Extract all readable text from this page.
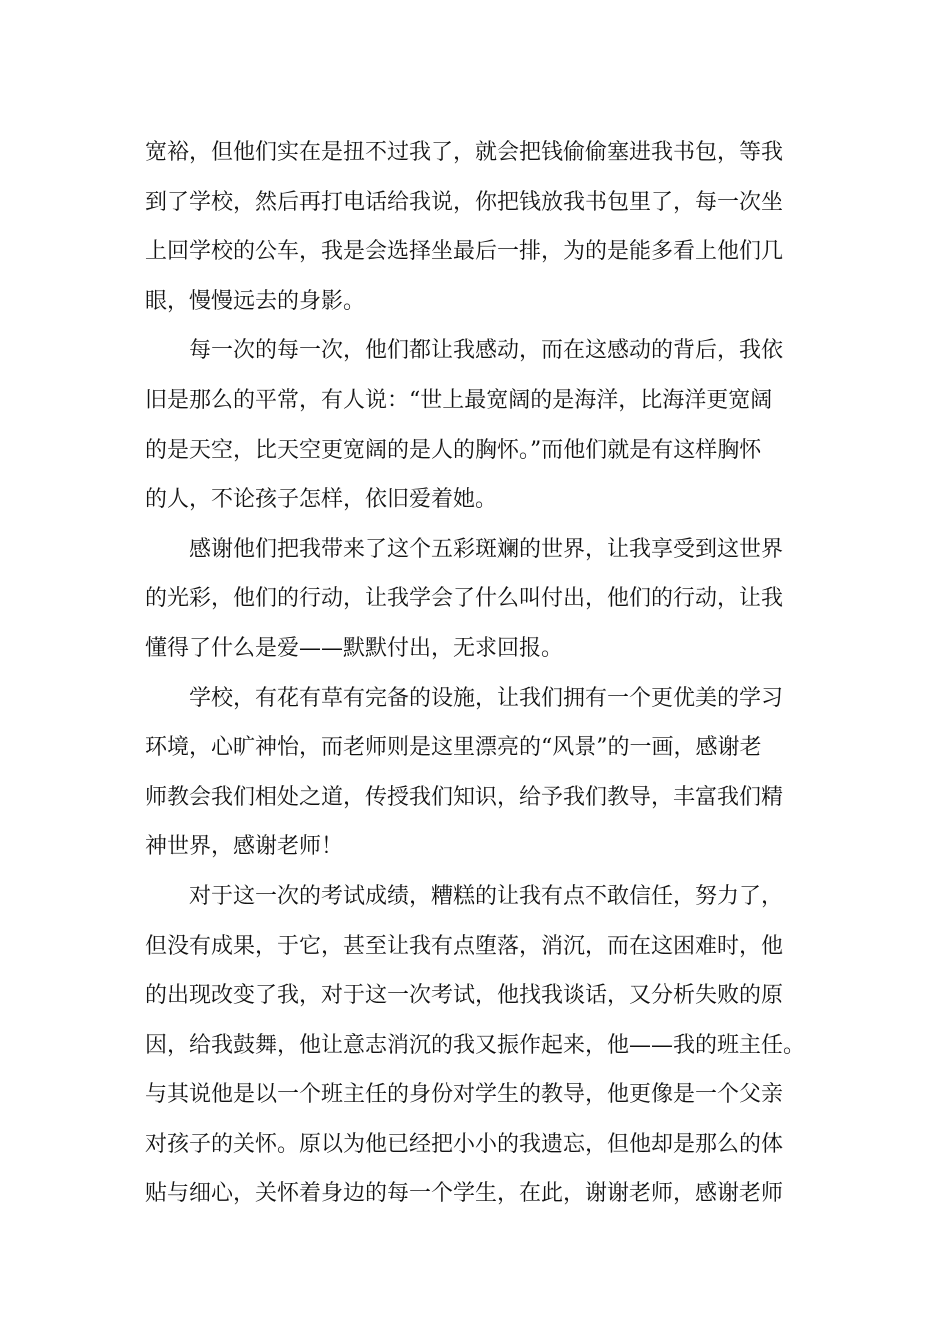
宽裕，但他们实在是扭不过我了，就会把钱偷偷塞进我书包，等我
到了学校，然后再打电话给我说，你把钱放我书包里了，每一次坐
上回学校的公车，我是会选择坐最后一排，为的是能多看上他们几
眼，慢慢远去的身影。
每一次的每一次，他们都让我感动，而在这感动的背后，我依
旧是那么的平常，有人说：“世上最宽阔的是海洋，比海洋更宽阔
的是天空，比天空更宽阔的是人的胸怀。”而他们就是有这样胸怀
的人，不论孩子怎样，依旧爱着她。
感谢他们把我带来了这个五彩斑斓的世界，让我享受到这世界
的光彩，他们的行动，让我学会了什么叫付出，他们的行动，让我
懂得了什么是爱——默默付出，无求回报。
学校，有花有草有完备的设施，让我们拥有一个更优美的学习
环境，心旷神怡，而老师则是这里漂亮的“风景”的一画，感谢老
师教会我们相处之道，传授我们知识，给予我们教导，丰富我们精
神世界，感谢老师！
对于这一次的考试成绩，糟糕的让我有点不敢信任，努力了，
但没有成果，于它，甚至让我有点堕落，消沉，而在这困难时，他
的出现改变了我，对于这一次考试，他找我谈话，又分析失败的原
因，给我鼓舞，他让意志消沉的我又振作起来，他——我的班主任。
与其说他是以一个班主任的身份对学生的教导，他更像是一个父亲
对孩子的关怀。原以为他已经把小小的我遗忘，但他却是那么的体
贴与细心，关怀着身边的每一个学生，在此，谢谢老师，感谢老师
